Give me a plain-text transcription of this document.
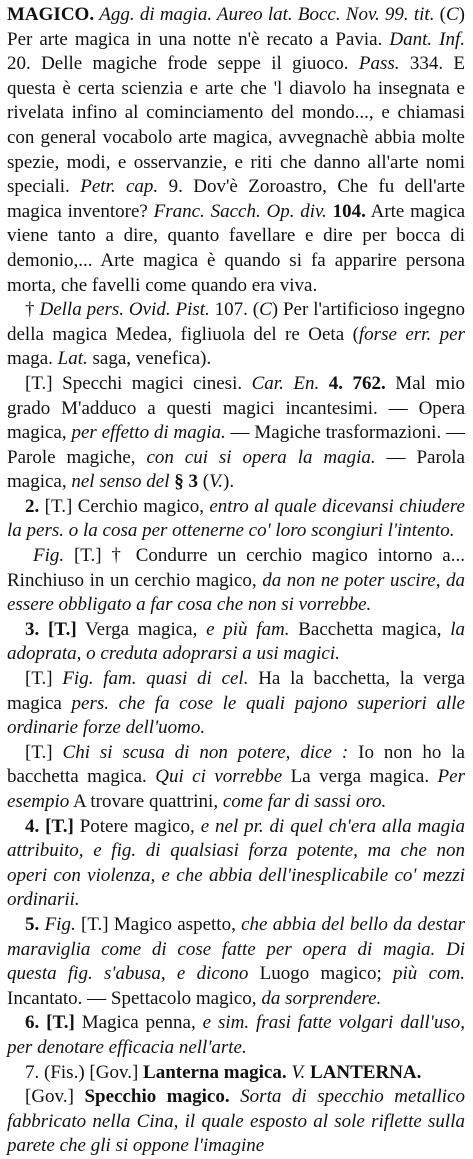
MAGICO. Agg. di magia. Aureo lat. Bocc. Nov. 99. tit. (C) Per arte magica in una notte n'è recato a Pavia. Dant. Inf. 20. Delle magiche frode seppe il giuoco. Pass. 334. E questa è certa scienzia e arte che 'l diavolo ha insegnata e rivelata infino al cominciamento del mondo..., e chiamasi con general vocabolo arte magica, avvegnachè abbia molte spezie, modi, e osservanzie, e riti che danno all'arte nomi speciali. Petr. cap. 9. Dov'è Zoroastro, Che fu dell'arte magica inventore? Franc. Sacch. Op. div. 104. Arte magica viene tanto a dire, quanto favellare e dire per bocca di demonio,... Arte magica è quando si fa apparire persona morta, che favelli come quando era viva.

† Della pers. Ovid. Pist. 107. (C) Per l'artificioso ingegno della magica Medea, figliuola del re Oeta (forse err. per maga. Lat. saga, venefica).

[T.] Specchi magici cinesi. Car. En. 4. 762. Mal mio grado M'adduco a questi magici incantesimi. — Opera magica, per effetto di magia. — Magiche trasformazioni. — Parole magiche, con cui si opera la magia. — Parola magica, nel senso del § 3 (V.).

2. [T.] Cerchio magico, entro al quale dicevansi chiudere la pers. o la cosa per ottenerne co' loro scongiuri l'intento.

Fig. [T.] † Condurre un cerchio magico intorno a... Rinchiuso in un cerchio magico, da non ne poter uscire, da essere obbligato a far cosa che non si vorrebbe.

3. [T.] Verga magica, e più fam. Bacchetta magica, la adoprata, o creduta adoprarsi a usi magici.

[T.] Fig. fam. quasi di cel. Ha la bacchetta, la verga magica pers. che fa cose le quali pajono superiori alle ordinarie forze dell'uomo.

[T.] Chi si scusa di non potere, dice : Io non ho la bacchetta magica. Qui ci vorrebbe La verga magica. Per esempio A trovare quattrini, come far di sassi oro.

4. [T.] Potere magico, e nel pr. di quel ch'era alla magia attribuito, e fig. di qualsiasi forza potente, ma che non operi con violenza, e che abbia dell'inesplicabile co' mezzi ordinarii.

5. Fig. [T.] Magico aspetto, che abbia del bello da destar maraviglia come di cose fatte per opera di magia. Di questa fig. s'abusa, e dicono Luogo magico; più com. Incantato. — Spettacolo magico, da sorprendere.

6. [T.] Magica penna, e sim. frasi fatte volgari dall'uso, per denotare efficacia nell'arte.

7. (Fis.) [Gov.] Lanterna magica. V. LANTERNA.

[Gov.] Specchio magico. Sorta di specchio metallico fabbricato nella Cina, il quale esposto al sole riflette sulla parete che gli si oppone l'imagine
